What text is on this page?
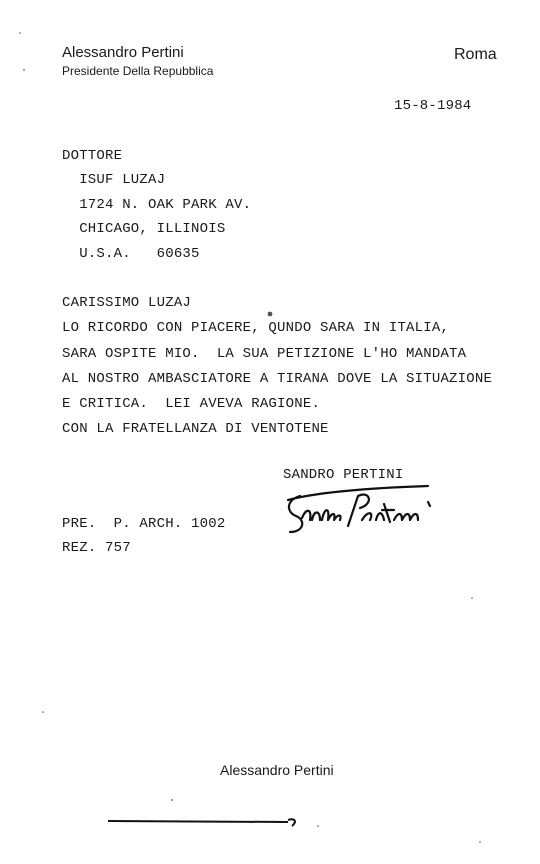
Alessandro Pertini
Presidente Della Repubblica
Roma
15-8-1984
DOTTORE
ISUF LUZAJ
1724 N. OAK PARK AV.
CHICAGO, ILLINOIS
U.S.A.   60635
CARISSIMO LUZAJ
LO RICORDO CON PIACERE, QUNDO SARA IN ITALIA,
SARA OSPITE MIO.  LA SUA PETIZIONE L'HO MANDATA
AL NOSTRO AMBASCIATORE A TIRANA DOVE LA SITUAZIONE
E CRITICA.  LEI AVEVA RAGIONE.
CON LA FRATELLANZA DI VENTOTENE
SANDRO PERTINI
PRE.  P. ARCH. 1002
REZ. 757
Alessandro Pertini
